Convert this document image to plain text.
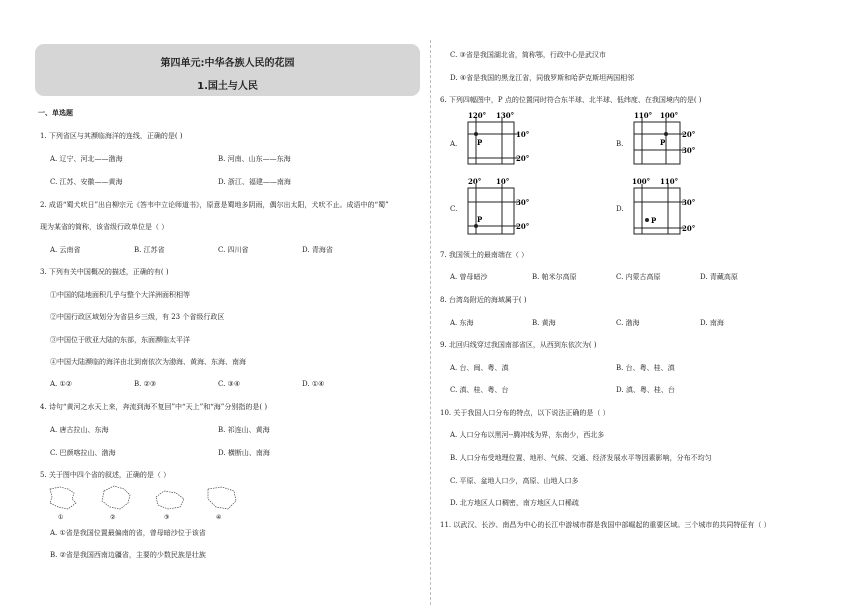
第四单元:中华各族人民的花园
1.国土与人民
一、单选题
1. 下列省区与其濒临海洋的连线，正确的是( )
A. 辽宁、河北——渤海	B. 河南、山东——东海
C. 江苏、安徽——黄海	D. 浙江、福建——南海
2. 成语“蜀犬吠日”出自柳宗元《答韦中立论师道书》，原意是蜀地多阴雨，偶尔出太阳，犬吠不止。成语中的“蜀”
现为某省的简称，该省级行政单位是（ ）
A. 云南省	B. 江苏省	C. 四川省	D. 青海省
3. 下列有关中国概况的描述，正确的有( )
①中国的陆地面积几乎与整个大洋洲面积相等
②中国行政区域划分为省县乡三级，有 23 个省级行政区
③中国位于欧亚大陆的东部，东面濒临太平洋
④中国大陆濒临的海洋由北到南依次为渤海、黄海、东海、南海
A. ①②	B. ②③	C. ③④	D. ①④
4. 诗句“黄河之水天上来，奔流到海不复回”中“天上”和“海”分别指的是( )
A. 唐古拉山、东海	B. 祁连山、黄海
C. 巴颜喀拉山、渤海	D. 横断山、南海
5. 关于图中四个省的叙述，正确的是（ ）
①	②	③	④
A. ①省是我国位置最偏南的省，曾母暗沙位于该省
B. ②省是我国西南边疆省，主要的少数民族是壮族
C. ③省是我国湖北省，简称鄂，行政中心是武汉市
D. ④省是我国的黑龙江省，同俄罗斯和哈萨克斯坦两国相邻
6. 下列四幅图中，P 点的位置同时符合东半球、北半球、低纬度、在我国境内的是( )
A.
120° 130°
10°
20°
P	B.
110° 100°
20°
30°
P
C.
20° 10°
30°
20°
P
D.
100° 110°
30°
20°
P
7. 我国领土的最南端在（ ）
A. 曾母暗沙	B. 帕米尔高原	C. 内蒙古高原	D. 青藏高原
8. 台湾岛附近的海域属于( )
A. 东海	B. 黄海	C. 渤海	D. 南海
9. 北回归线穿过我国南部省区，从西到东依次为( )
A. 台、闽、粤、滇	B. 台、粤、桂、滇
C. 滇、桂、粤、台	D. 滇、粤、桂、台
10. 关于我国人口分布的特点，以下说法正确的是（ ）
A. 人口分布以黑河--腾冲线为界，东南少，西北多
B. 人口分布受地理位置、地形、气候、交通、经济发展水平等因素影响，分布不均匀
C. 平原、盆地人口少，高原、山地人口多
D. 北方地区人口稠密，南方地区人口稀疏
11. 以武汉、长沙、南昌为中心的长江中游城市群是我国中部崛起的重要区域。三个城市的共同特征有（ ）
